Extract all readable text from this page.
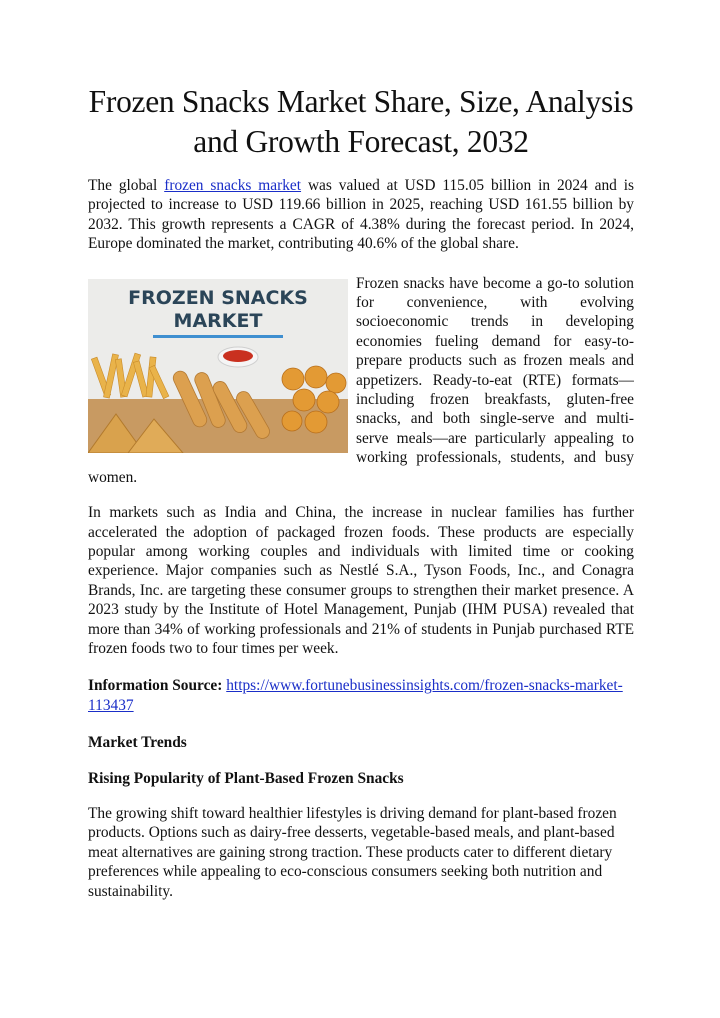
Frozen Snacks Market Share, Size, Analysis and Growth Forecast, 2032

The global frozen snacks market was valued at USD 115.05 billion in 2024 and is projected to increase to USD 119.66 billion in 2025, reaching USD 161.55 billion by 2032. This growth represents a CAGR of 4.38% during the forecast period. In 2024, Europe dominated the market, contributing 40.6% of the global share.

FROZEN SNACKS
MARKET

Frozen snacks have become a go-to solution for convenience, with evolving socioeconomic trends in developing economies fueling demand for easy-to-prepare products such as frozen meals and appetizers. Ready-to-eat (RTE) formats—including frozen breakfasts, gluten-free snacks, and both single-serve and multi-serve meals—are particularly appealing to working professionals, students, and busy women.

In markets such as India and China, the increase in nuclear families has further accelerated the adoption of packaged frozen foods. These products are especially popular among working couples and individuals with limited time or cooking experience. Major companies such as Nestlé S.A., Tyson Foods, Inc., and Conagra Brands, Inc. are targeting these consumer groups to strengthen their market presence. A 2023 study by the Institute of Hotel Management, Punjab (IHM PUSA) revealed that more than 34% of working professionals and 21% of students in Punjab purchased RTE frozen foods two to four times per week.

Information Source: https://www.fortunebusinessinsights.com/frozen-snacks-market-113437

Market Trends

Rising Popularity of Plant-Based Frozen Snacks

The growing shift toward healthier lifestyles is driving demand for plant-based frozen products. Options such as dairy-free desserts, vegetable-based meals, and plant-based meat alternatives are gaining strong traction. These products cater to different dietary preferences while appealing to eco-conscious consumers seeking both nutrition and sustainability.
